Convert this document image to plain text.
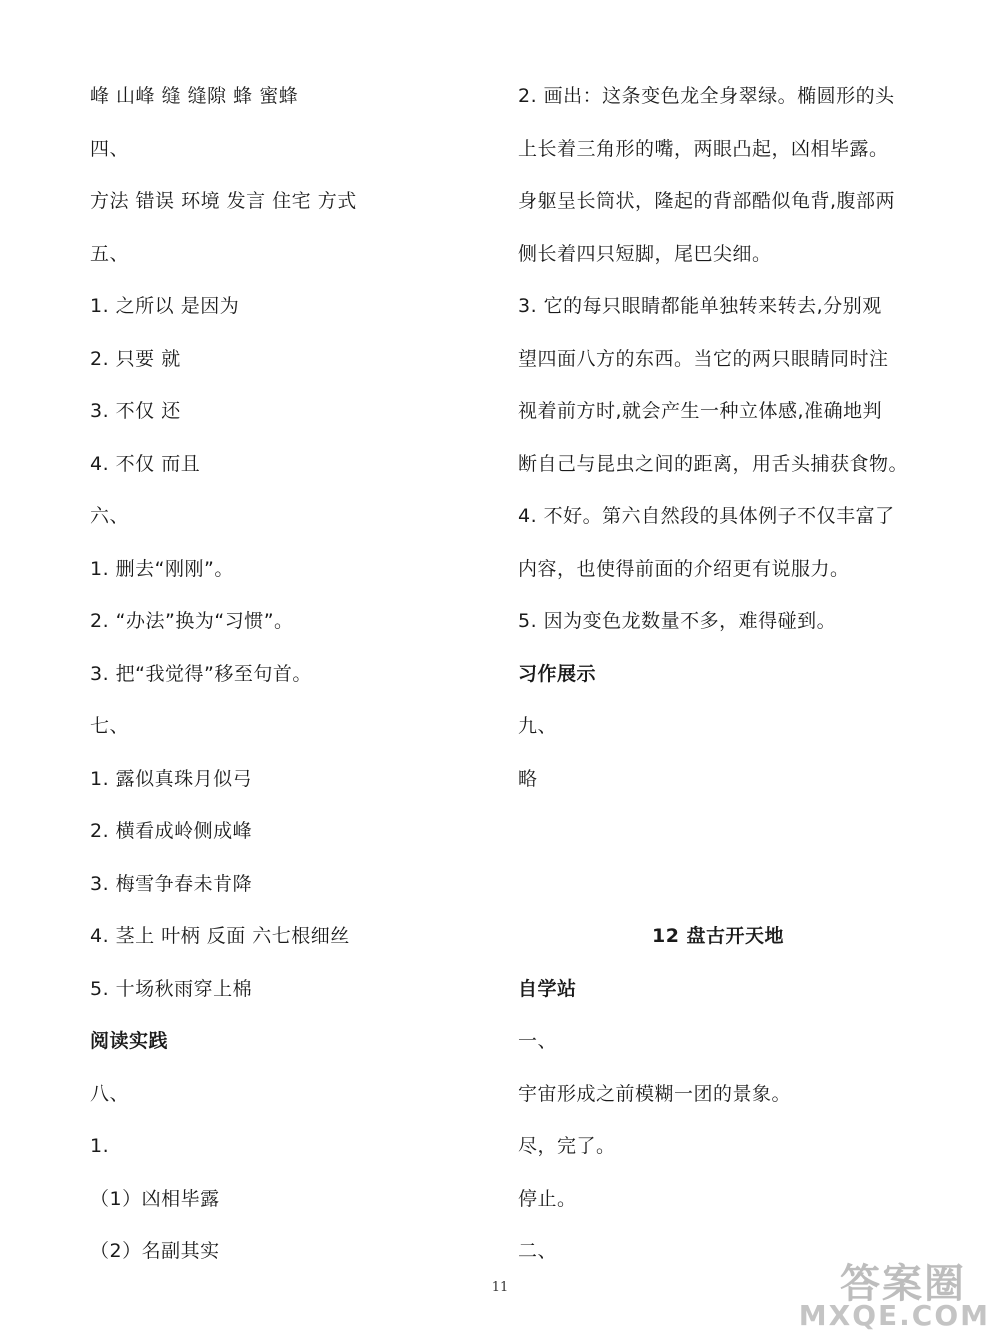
峰 山峰 缝 缝隙 蜂 蜜蜂
四、
方法 错误 环境 发言 住宅 方式
五、
1. 之所以 是因为
2. 只要 就
3. 不仅 还
4. 不仅 而且
六、
1. 删去“刚刚”。
2. “办法”换为“习惯”。
3. 把“我觉得”移至句首。
七、
1. 露似真珠月似弓
2. 横看成岭侧成峰
3. 梅雪争春未肯降
4. 茎上 叶柄 反面 六七根细丝
5. 十场秋雨穿上棉
阅读实践
八、
1.
（1）凶相毕露
（2）名副其实
2. 画出：这条变色龙全身翠绿。椭圆形的头
上长着三角形的嘴，两眼凸起，凶相毕露。
身躯呈长筒状，隆起的背部酷似龟背,腹部两
侧长着四只短脚，尾巴尖细。
3. 它的每只眼睛都能单独转来转去,分别观
望四面八方的东西。当它的两只眼睛同时注
视着前方时,就会产生一种立体感,准确地判
断自己与昆虫之间的距离，用舌头捕获食物。
4. 不好。第六自然段的具体例子不仅丰富了
内容，也使得前面的介绍更有说服力。
5. 因为变色龙数量不多，难得碰到。
习作展示
九、
略
12 盘古开天地
自学站
一、
宇宙形成之前模糊一团的景象。
尽，完了。
停止。
二、
11	答案圈
MXQE.COM
